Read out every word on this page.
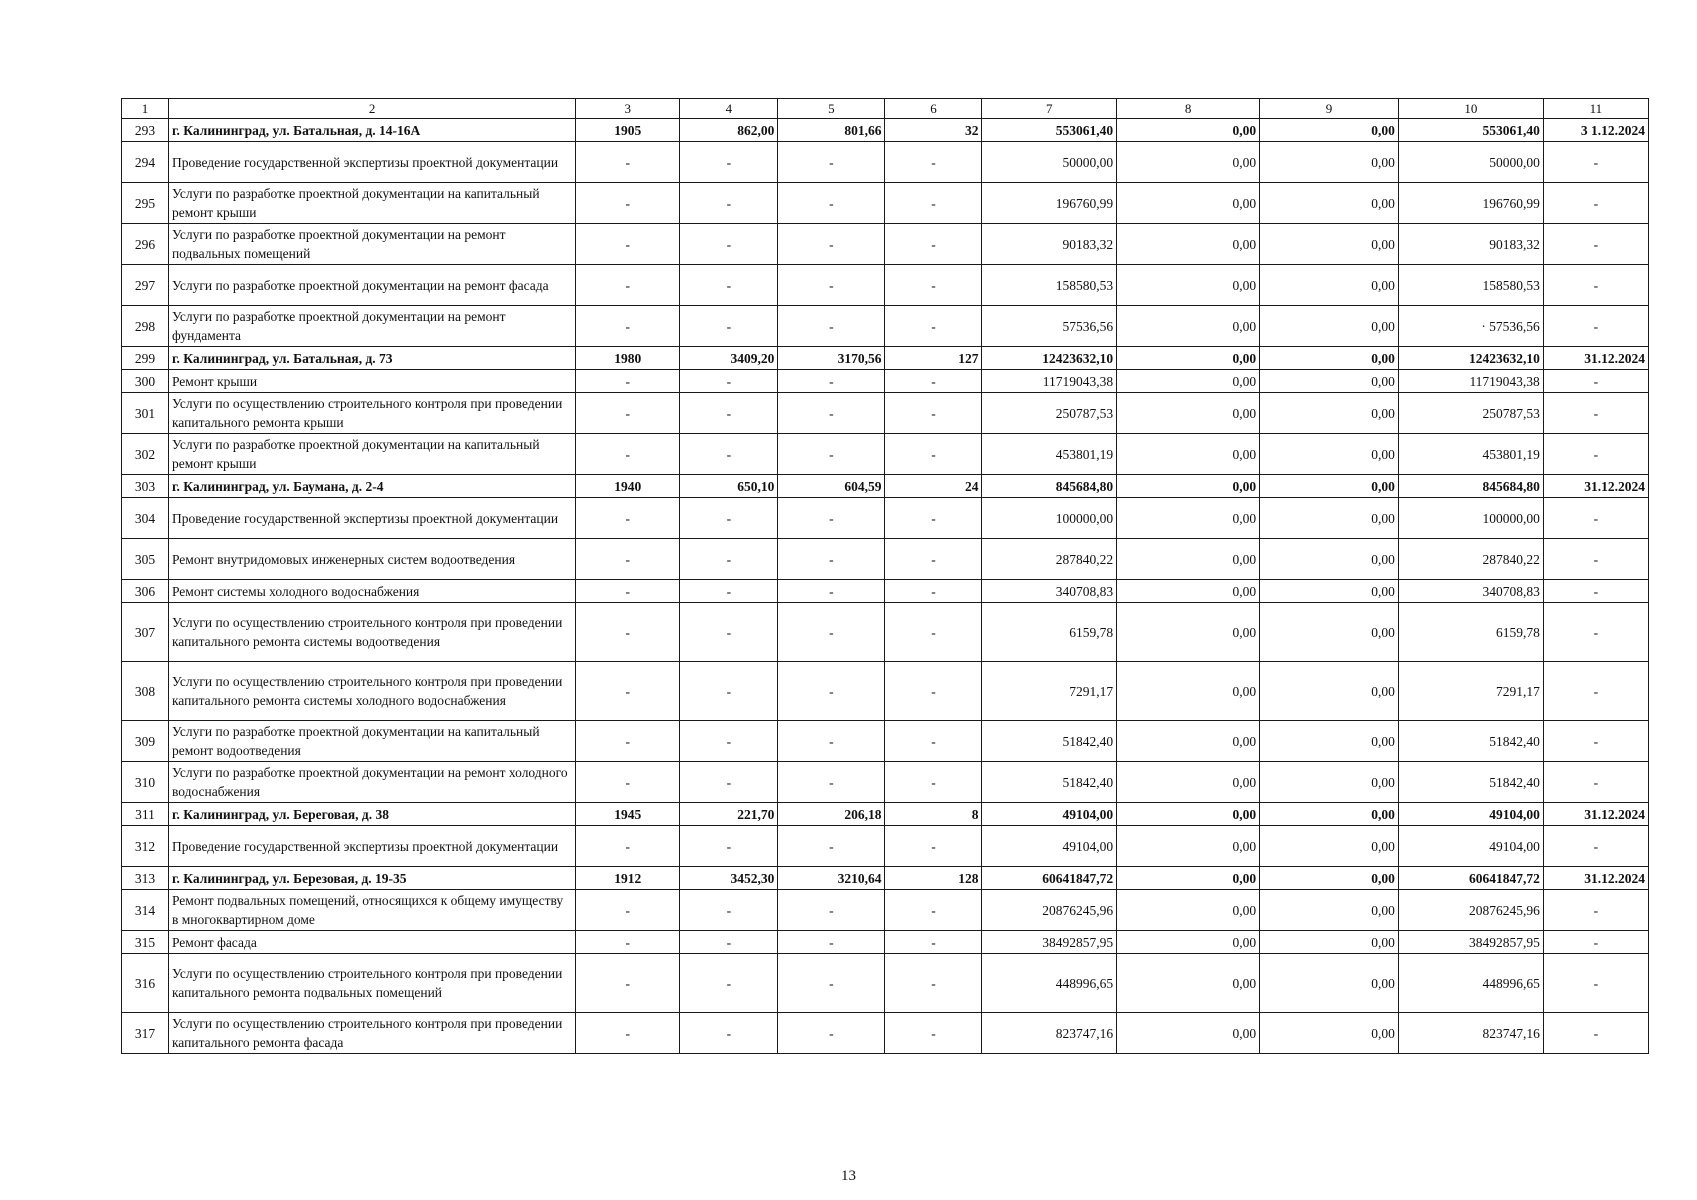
1	2	3	4	5	6	7	8	9	10	11
293	г. Калининград, ул. Батальная, д. 14-16А	1905	862,00	801,66	32	553061,40	0,00	0,00	553061,40	3 1.12.2024
294	Проведение государственной экспертизы проектной документации	-	-	-	-	50000,00	0,00	0,00	50000,00	-
295	Услуги по разработке проектной документации на капитальный ремонт крыши	-	-	-	-	196760,99	0,00	0,00	196760,99	-
296	Услуги по разработке проектной документации на ремонт подвальных помещений	-	-	-	-	90183,32	0,00	0,00	90183,32	-
297	Услуги по разработке проектной документации на ремонт фасада	-	-	-	-	158580,53	0,00	0,00	158580,53	-
298	Услуги по разработке проектной документации на ремонт фундамента	-	-	-	-	57536,56	0,00	0,00	· 57536,56	-
299	г. Калининград, ул. Батальная, д. 73	1980	3409,20	3170,56	127	12423632,10	0,00	0,00	12423632,10	31.12.2024
300	Ремонт крыши	-	-	-	-	11719043,38	0,00	0,00	11719043,38	-
301	Услуги по осуществлению строительного контроля при проведении капитального ремонта крыши	-	-	-	-	250787,53	0,00	0,00	250787,53	-
302	Услуги по разработке проектной документации на капитальный ремонт крыши	-	-	-	-	453801,19	0,00	0,00	453801,19	-
303	г. Калининград, ул. Баумана, д. 2-4	1940	650,10	604,59	24	845684,80	0,00	0,00	845684,80	31.12.2024
304	Проведение государственной экспертизы проектной документации	-	-	-	-	100000,00	0,00	0,00	100000,00	-
305	Ремонт внутридомовых инженерных систем водоотведения	-	-	-	-	287840,22	0,00	0,00	287840,22	-
306	Ремонт системы холодного водоснабжения	-	-	-	-	340708,83	0,00	0,00	340708,83	-
307	Услуги по осуществлению строительного контроля при проведении капитального ремонта системы водоотведения	-	-	-	-	6159,78	0,00	0,00	6159,78	-
308	Услуги по осуществлению строительного контроля при проведении капитального ремонта системы холодного водоснабжения	-	-	-	-	7291,17	0,00	0,00	7291,17	-
309	Услуги по разработке проектной документации на капитальный ремонт водоотведения	-	-	-	-	51842,40	0,00	0,00	51842,40	-
310	Услуги по разработке проектной документации на ремонт холодного водоснабжения	-	-	-	-	51842,40	0,00	0,00	51842,40	-
311	г. Калининград, ул. Береговая, д. 38	1945	221,70	206,18	8	49104,00	0,00	0,00	49104,00	31.12.2024
312	Проведение государственной экспертизы проектной документации	-	-	-	-	49104,00	0,00	0,00	49104,00	-
313	г. Калининград, ул. Березовая, д. 19-35	1912	3452,30	3210,64	128	60641847,72	0,00	0,00	60641847,72	31.12.2024
314	Ремонт подвальных помещений, относящихся к общему имуществу в многоквартирном доме	-	-	-	-	20876245,96	0,00	0,00	20876245,96	-
315	Ремонт фасада	-	-	-	-	38492857,95	0,00	0,00	38492857,95	-
316	Услуги по осуществлению строительного контроля при проведении капитального ремонта подвальных помещений	-	-	-	-	448996,65	0,00	0,00	448996,65	-
317	Услуги по осуществлению строительного контроля при проведении капитального ремонта фасада	-	-	-	-	823747,16	0,00	0,00	823747,16	-
13
